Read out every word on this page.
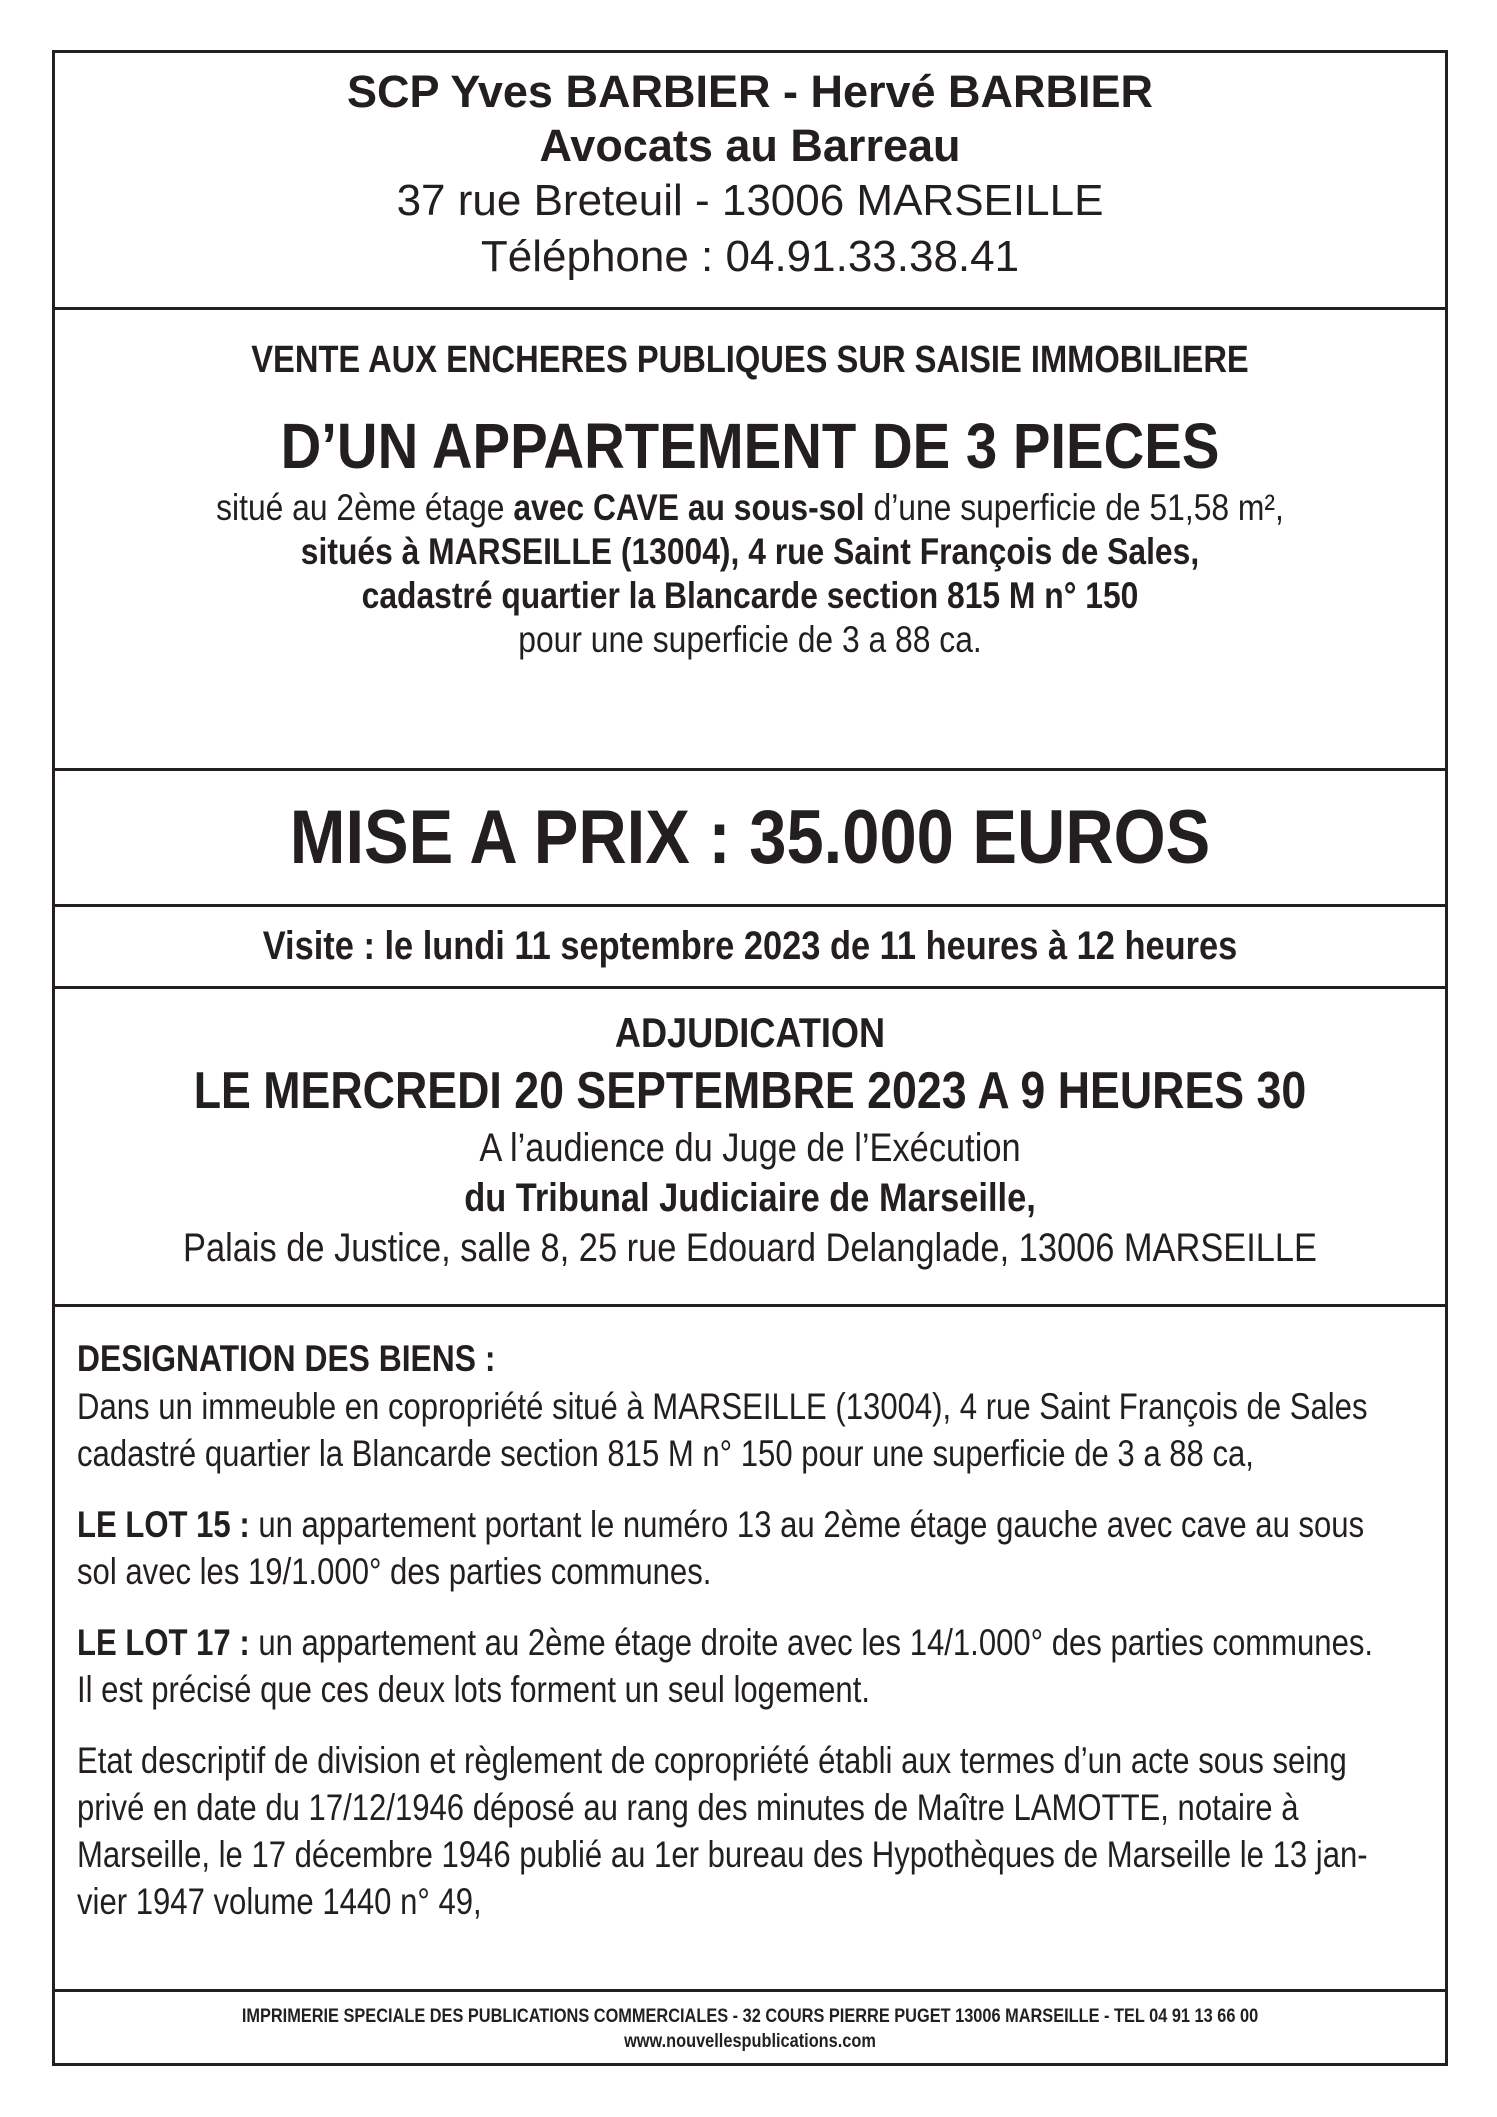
SCP Yves BARBIER - Hervé BARBIER
Avocats au Barreau
37 rue Breteuil - 13006 MARSEILLE
Téléphone : 04.91.33.38.41
VENTE AUX ENCHERES PUBLIQUES SUR SAISIE IMMOBILIERE
D’UN APPARTEMENT DE 3 PIECES
situé au 2ème étage avec CAVE au sous-sol d’une superficie de 51,58 m²,
situés à MARSEILLE (13004), 4 rue Saint François de Sales,
cadastré quartier la Blancarde section 815 M n° 150
pour une superficie de 3 a 88 ca.
MISE A PRIX : 35.000 EUROS
Visite : le lundi 11 septembre 2023 de 11 heures à 12 heures
ADJUDICATION
LE MERCREDI 20 SEPTEMBRE 2023 A 9 HEURES 30
A l’audience du Juge de l’Exécution
du Tribunal Judiciaire de Marseille,
Palais de Justice, salle 8, 25 rue Edouard Delanglade, 13006 MARSEILLE
DESIGNATION DES BIENS :
Dans un immeuble en copropriété situé à MARSEILLE (13004), 4 rue Saint François de Sales
cadastré quartier la Blancarde section 815 M n° 150 pour une superficie de 3 a 88 ca,
LE LOT 15 : un appartement portant le numéro 13 au 2ème étage gauche avec cave au sous
sol avec les 19/1.000° des parties communes.
LE LOT 17 : un appartement au 2ème étage droite avec les 14/1.000° des parties communes.
Il est précisé que ces deux lots forment un seul logement.
Etat descriptif de division et règlement de copropriété établi aux termes d’un acte sous seing
privé en date du 17/12/1946 déposé au rang des minutes de Maître LAMOTTE, notaire à
Marseille, le 17 décembre 1946 publié au 1er bureau des Hypothèques de Marseille le 13 jan-
vier 1947 volume 1440 n° 49,
IMPRIMERIE SPECIALE DES PUBLICATIONS COMMERCIALES - 32 COURS PIERRE PUGET 13006 MARSEILLE - TEL 04 91 13 66 00
www.nouvellespublications.com
